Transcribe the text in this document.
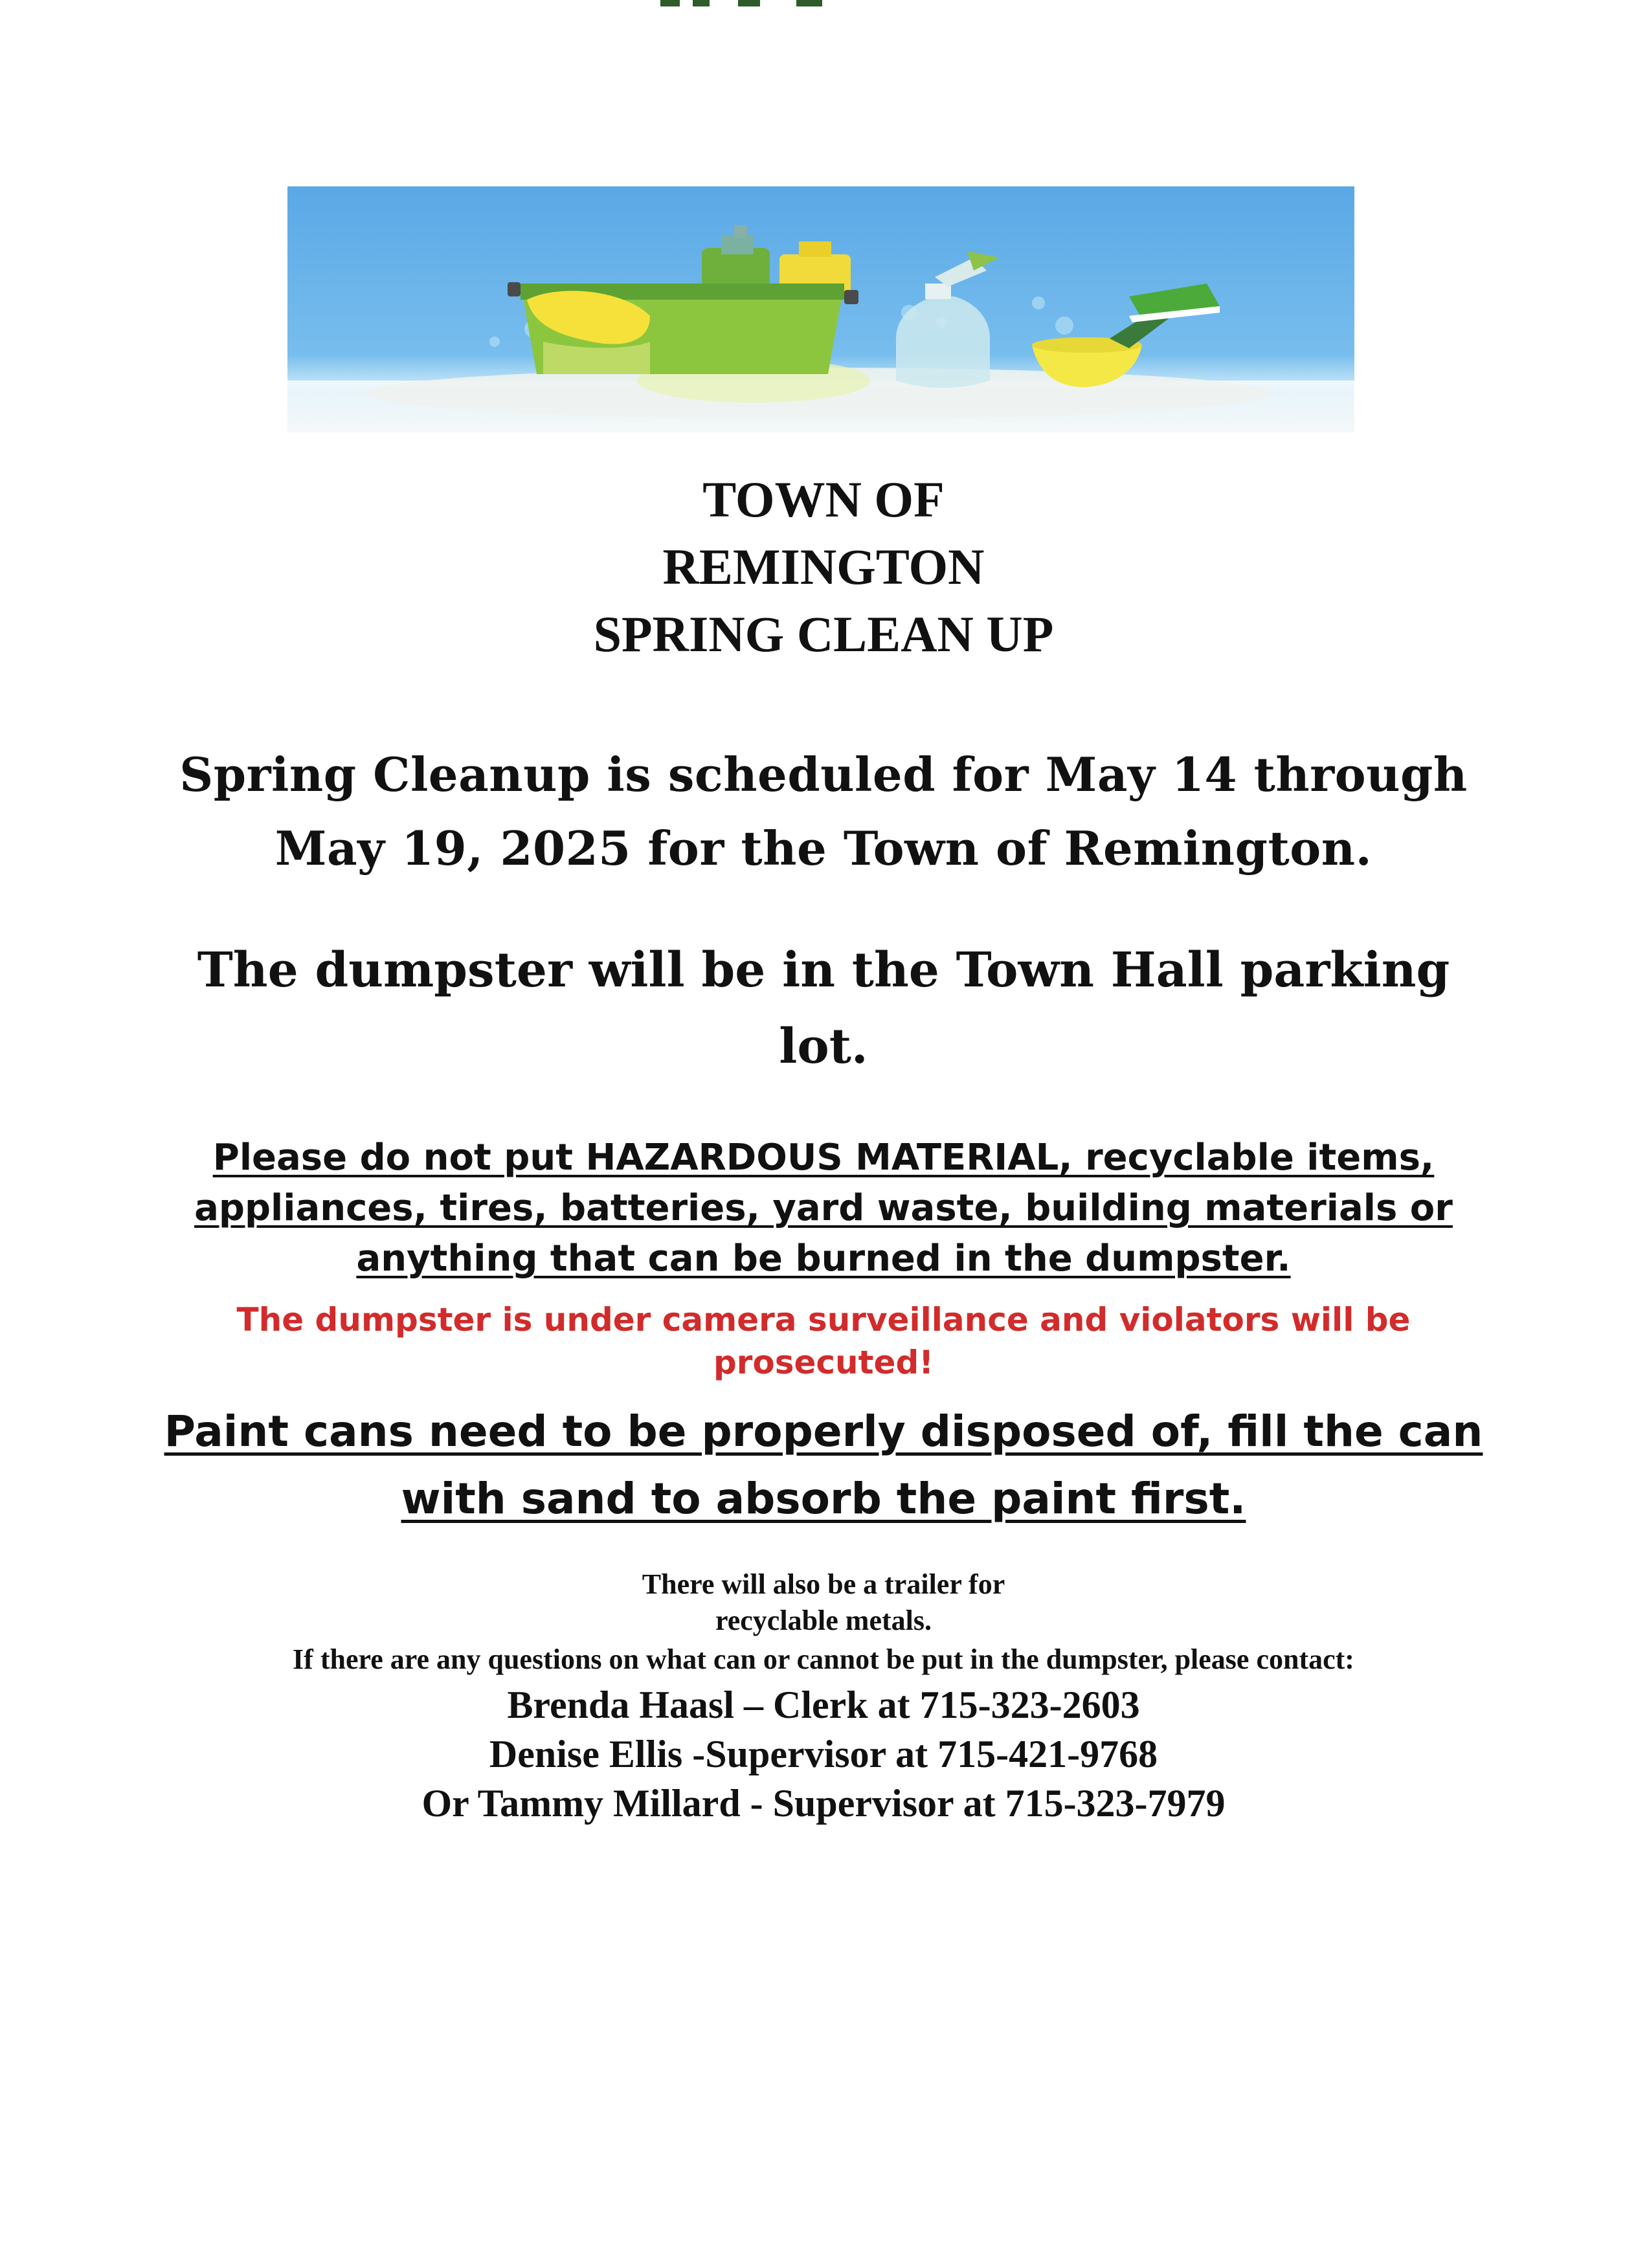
TOWN OF
REMINGTON
SPRING CLEAN UP
Spring Cleanup is scheduled for May 14 through
May 19, 2025 for the Town of Remington.
The dumpster will be in the Town Hall parking
lot.
Please do not put HAZARDOUS MATERIAL, recyclable items,
appliances, tires, batteries, yard waste, building materials or
anything that can be burned in the dumpster.
The dumpster is under camera surveillance and violators will be
prosecuted!
Paint cans need to be properly disposed of, fill the can
with sand to absorb the paint first.
There will also be a trailer for
recyclable metals.
If there are any questions on what can or cannot be put in the dumpster, please contact:
Brenda Haasl – Clerk at 715-323-2603
Denise Ellis -Supervisor at 715-421-9768
Or Tammy Millard - Supervisor at 715-323-7979
